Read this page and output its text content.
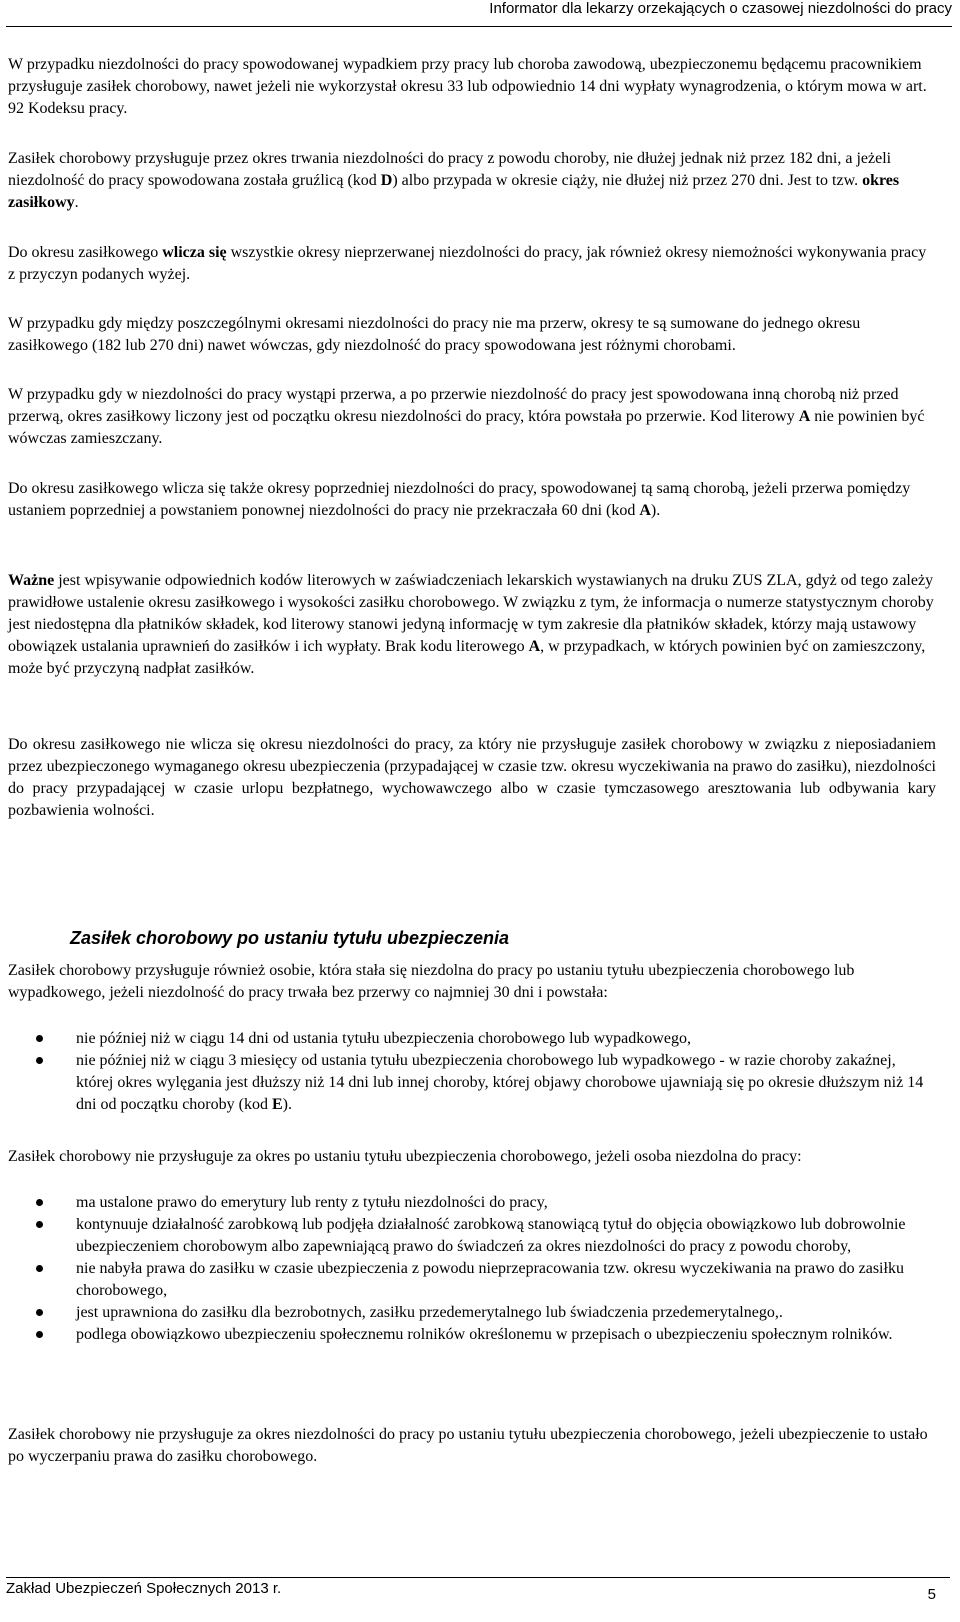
Informator dla lekarzy orzekających o czasowej niezdolności do pracy

W przypadku niezdolności do pracy spowodowanej wypadkiem przy pracy lub choroba zawodową, ubezpieczonemu będącemu pracownikiem przysługuje zasiłek chorobowy, nawet jeżeli nie wykorzystał okresu 33 lub odpowiednio 14 dni wypłaty wynagrodzenia, o którym mowa w art. 92 Kodeksu pracy.

Zasiłek chorobowy przysługuje przez okres trwania niezdolności do pracy z powodu choroby, nie dłużej jednak niż przez 182 dni, a jeżeli niezdolność do pracy spowodowana została gruźlicą (kod D) albo przypada w okresie ciąży, nie dłużej niż przez 270 dni. Jest to tzw. okres zasiłkowy.

Do okresu zasiłkowego wlicza się wszystkie okresy nieprzerwanej niezdolności do pracy, jak również okresy niemożności wykonywania pracy z przyczyn podanych wyżej.

W przypadku gdy między poszczególnymi okresami niezdolności do pracy nie ma przerw, okresy te są sumowane do jednego okresu zasiłkowego (182 lub 270 dni) nawet wówczas, gdy niezdolność do pracy spowodowana jest różnymi chorobami.

W przypadku gdy w niezdolności do pracy wystąpi przerwa, a po przerwie niezdolność do pracy jest spowodowana inną chorobą niż przed przerwą, okres zasiłkowy liczony jest od początku okresu niezdolności do pracy, która powstała po przerwie. Kod literowy A nie powinien być wówczas zamieszczany.

Do okresu zasiłkowego wlicza się także okresy poprzedniej niezdolności do pracy, spowodowanej tą samą chorobą, jeżeli przerwa pomiędzy ustaniem poprzedniej a powstaniem ponownej niezdolności do pracy nie przekraczała 60 dni (kod A).

Ważne jest wpisywanie odpowiednich kodów literowych w zaświadczeniach lekarskich wystawianych na druku ZUS ZLA, gdyż od tego zależy prawidłowe ustalenie okresu zasiłkowego i wysokości zasiłku chorobowego. W związku z tym, że informacja o numerze statystycznym choroby jest niedostępna dla płatników składek, kod literowy stanowi jedyną informację w tym zakresie dla płatników składek, którzy mają ustawowy obowiązek ustalania uprawnień do zasiłków i ich wypłaty. Brak kodu literowego A, w przypadkach, w których powinien być on zamieszczony, może być przyczyną nadpłat zasiłków.

Do okresu zasiłkowego nie wlicza się okresu niezdolności do pracy, za który nie przysługuje zasiłek chorobowy w związku z nieposiadaniem przez ubezpieczonego wymaganego okresu ubezpieczenia (przypadającej w czasie tzw. okresu wyczekiwania na prawo do zasiłku), niezdolności do pracy przypadającej w czasie urlopu bezpłatnego, wychowawczego albo w czasie tymczasowego aresztowania lub odbywania kary pozbawienia wolności.

Zasiłek chorobowy przysługuje również osobie, która stała się niezdolna do pracy po ustaniu tytułu ubezpieczenia chorobowego lub wypadkowego, jeżeli niezdolność do pracy trwała bez przerwy co najmniej 30 dni i powstała:

nie później niż w ciągu 14 dni od ustania tytułu ubezpieczenia chorobowego lub wypadkowego,
nie później niż w ciągu 3 miesięcy od ustania tytułu ubezpieczenia chorobowego lub wypadkowego - w razie choroby zakaźnej, której okres wylęgania jest dłuższy niż 14 dni lub innej choroby, której objawy chorobowe ujawniają się po okresie dłuższym niż 14 dni od początku choroby (kod E).

Zasiłek chorobowy nie przysługuje za okres po ustaniu tytułu ubezpieczenia chorobowego, jeżeli osoba niezdolna do pracy:

ma ustalone prawo do emerytury lub renty z tytułu niezdolności do pracy,
kontynuuje działalność zarobkową lub podjęła działalność zarobkową stanowiącą tytuł do objęcia obowiązkowo lub dobrowolnie ubezpieczeniem chorobowym albo zapewniającą prawo do świadczeń za okres niezdolności do pracy z powodu choroby,
nie nabyła prawa do zasiłku w czasie ubezpieczenia z powodu nieprzepracowania tzw. okresu wyczekiwania na prawo do zasiłku chorobowego,
jest uprawniona do zasiłku dla bezrobotnych, zasiłku przedemerytalnego lub świadczenia przedemerytalnego,.
podlega obowiązkowo ubezpieczeniu społecznemu rolników określonemu w przepisach o ubezpieczeniu społecznym rolników.

Zasiłek chorobowy nie przysługuje za okres niezdolności do pracy po ustaniu tytułu ubezpieczenia chorobowego, jeżeli ubezpieczenie to ustało po wyczerpaniu prawa do zasiłku chorobowego.

Zasiłek chorobowy po ustaniu tytułu ubezpieczenia
Zakład Ubezpieczeń Społecznych 2013 r.	5
